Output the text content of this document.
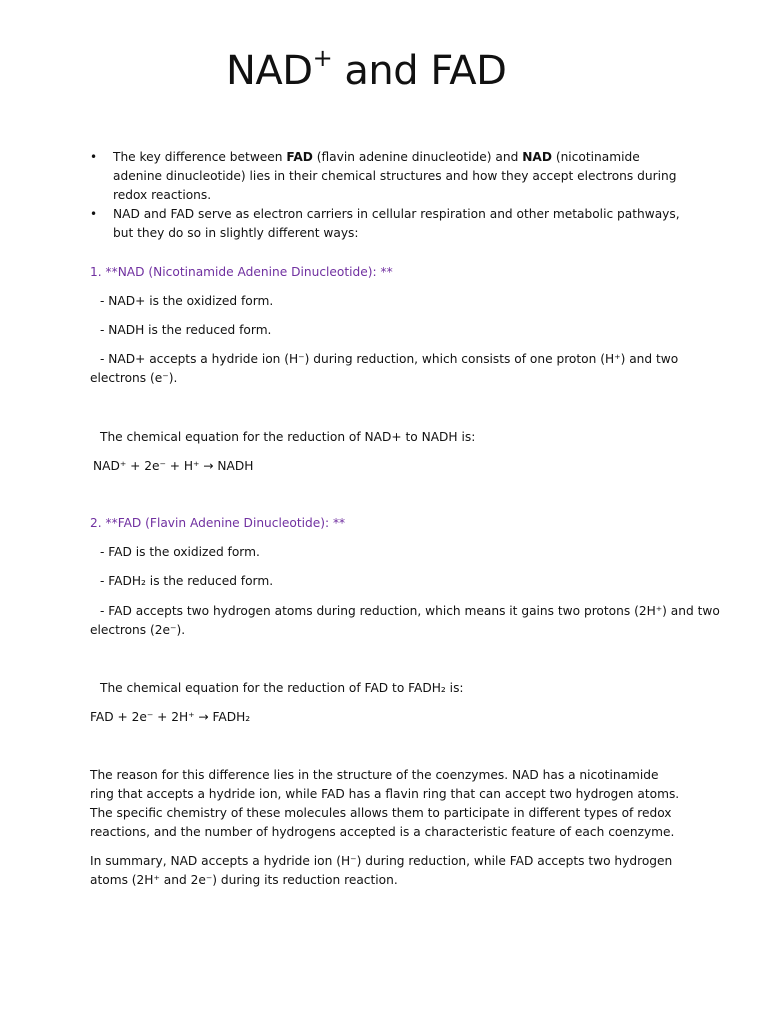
NAD+ and FAD
• The key difference between FAD (flavin adenine dinucleotide) and NAD (nicotinamide adenine dinucleotide) lies in their chemical structures and how they accept electrons during redox reactions.
• NAD and FAD serve as electron carriers in cellular respiration and other metabolic pathways, but they do so in slightly different ways:
1. **NAD (Nicotinamide Adenine Dinucleotide): **
- NAD+ is the oxidized form.
- NADH is the reduced form.
- NAD+ accepts a hydride ion (H⁻) during reduction, which consists of one proton (H⁺) and two
electrons (e⁻).
The chemical equation for the reduction of NAD+ to NADH is:
NAD⁺ + 2e⁻ + H⁺ → NADH
2. **FAD (Flavin Adenine Dinucleotide): **
- FAD is the oxidized form.
- FADH₂ is the reduced form.
- FAD accepts two hydrogen atoms during reduction, which means it gains two protons (2H⁺) and two
electrons (2e⁻).
The chemical equation for the reduction of FAD to FADH₂ is:
FAD + 2e⁻ + 2H⁺ → FADH₂
The reason for this difference lies in the structure of the coenzymes. NAD has a nicotinamide ring that accepts a hydride ion, while FAD has a flavin ring that can accept two hydrogen atoms. The specific chemistry of these molecules allows them to participate in different types of redox reactions, and the number of hydrogens accepted is a characteristic feature of each coenzyme.
In summary, NAD accepts a hydride ion (H⁻) during reduction, while FAD accepts two hydrogen atoms (2H⁺ and 2e⁻) during its reduction reaction.
